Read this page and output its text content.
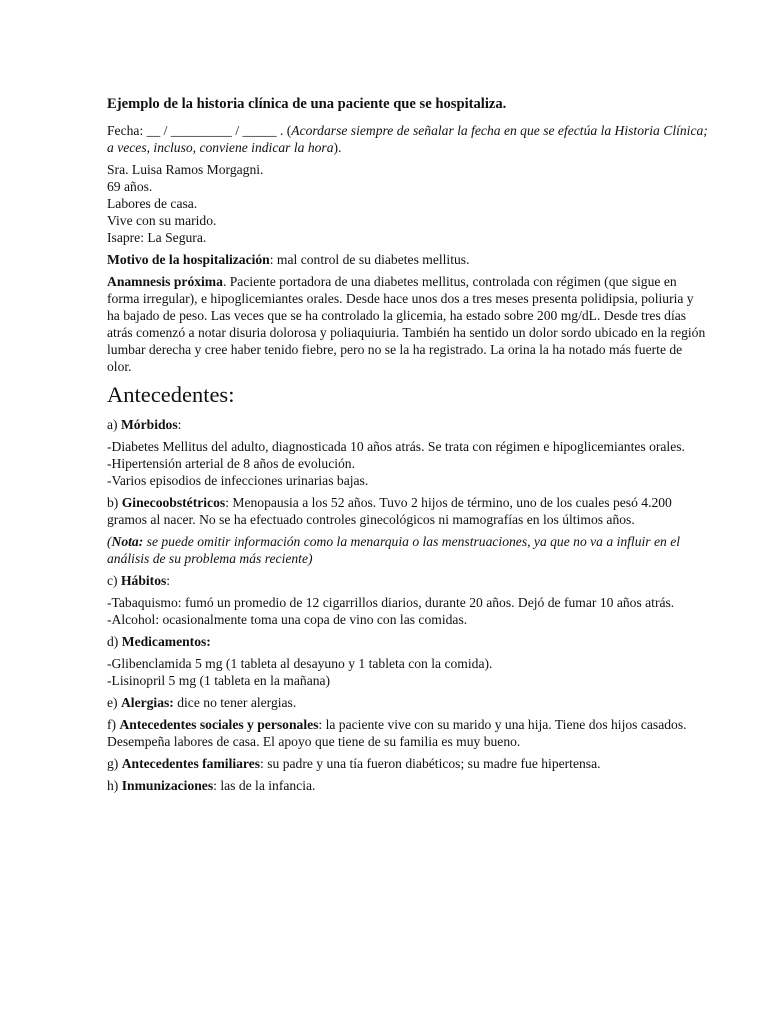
Ejemplo de la historia clínica de una paciente que se hospitaliza.

Fecha: __ / _________ / _____ . (Acordarse siempre de señalar la fecha en que se efectúa la Historia Clínica; a veces, incluso, conviene indicar la hora).

Sra. Luisa Ramos Morgagni.
69 años.
Labores de casa.
Vive con su marido.
Isapre: La Segura.

Motivo de la hospitalización: mal control de su diabetes mellitus.

Anamnesis próxima. Paciente portadora de una diabetes mellitus, controlada con régimen (que sigue en forma irregular), e hipoglicemiantes orales. Desde hace unos dos a tres meses presenta polidipsia, poliuria y ha bajado de peso. Las veces que se ha controlado la glicemia, ha estado sobre 200 mg/dL. Desde tres días atrás comenzó a notar disuria dolorosa y poliaquiuria. También ha sentido un dolor sordo ubicado en la región lumbar derecha y cree haber tenido fiebre, pero no se la ha registrado. La orina la ha notado más fuerte de olor.

Antecedentes:

a) Mórbidos:

-Diabetes Mellitus del adulto, diagnosticada 10 años atrás. Se trata con régimen e hipoglicemiantes orales.
-Hipertensión arterial de 8 años de evolución.
-Varios episodios de infecciones urinarias bajas.

b) Ginecoobstétricos: Menopausia a los 52 años. Tuvo 2 hijos de término, uno de los cuales pesó 4.200 gramos al nacer. No se ha efectuado controles ginecológicos ni mamografías en los últimos años.

(Nota: se puede omitir información como la menarquia o las menstruaciones, ya que no va a influir en el análisis de su problema más reciente)

c) Hábitos:

-Tabaquismo: fumó un promedio de 12 cigarrillos diarios, durante 20 años. Dejó de fumar 10 años atrás.
-Alcohol: ocasionalmente toma una copa de vino con las comidas.

d) Medicamentos:

-Glibenclamida 5 mg (1 tableta al desayuno y 1 tableta con la comida).
-Lisinopril 5 mg (1 tableta en la mañana)

e) Alergias: dice no tener alergias.

f) Antecedentes sociales y personales: la paciente vive con su marido y una hija. Tiene dos hijos casados. Desempeña labores de casa. El apoyo que tiene de su familia es muy bueno.

g) Antecedentes familiares: su padre y una tía fueron diabéticos; su madre fue hipertensa.

h) Inmunizaciones: las de la infancia.
